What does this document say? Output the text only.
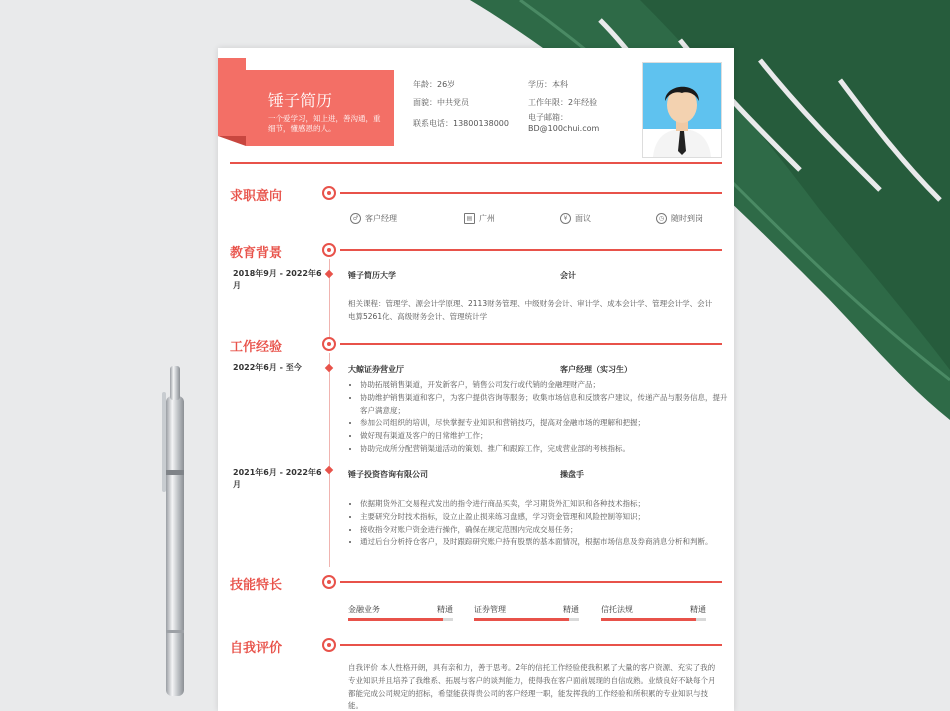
锤子简历
一个爱学习，知上进，善沟通，重细节，懂感恩的人。
年龄：26岁	学历：本科
面貌：中共党员	工作年限：2年经验
联系电话：13800138000
电子邮箱：
BD@100chui.com
求职意向
♂ 客户经理	▤ 广州	¥ 面议	◷ 随时到岗
教育背景
2018年9月 - 2022年6月
锤子简历大学	会计
相关课程：管理学、源会计学原理、2113财务管理、中级财务会计、审计学、成本会计学、管理会计学、会计电算5261化、高级财务会计、管理统计学
工作经验
2022年6月 - 至今	大鲸证券营业厅	客户经理（实习生）
• 协助拓展销售渠道，开发新客户，销售公司发行或代销的金融理财产品；
• 协助维护销售渠道和客户，为客户提供咨询等服务；收集市场信息和反馈客户建议，传递产品与服务信息，提升客户满意度；
• 参加公司组织的培训，尽快掌握专业知识和营销技巧，提高对金融市场的理解和把握；
• 做好现有渠道及客户的日常维护工作；
• 协助完成所分配营销渠道活动的策划、推广和跟踪工作，完成营业部的考核指标。
2021年6月 - 2022年6月
锤子投资咨询有限公司	操盘手
• 依据期货外汇交易程式发出的指令进行商品买卖，学习期货外汇知识和各种技术指标；
• 主要研究分时技术指标，设立止盈止损来练习盘感，学习资金管理和风险控制等知识；
• 接收指令对账户资金进行操作，确保在规定范围内完成交易任务；
• 通过后台分析持仓客户，及时跟踪研究账户持有股票的基本面情况，根据市场信息及券商消息分析和判断。
技能特长
金融业务	精通	证券管理	精通	信托法规	精通
自我评价
自我评价 本人性格开朗，具有亲和力，善于思考。2年的信托工作经验使我积累了大量的客户资源、充实了我的专业知识并且培养了我维系、拓展与客户的谈判能力，使得我在客户面前展现的自信成熟。业绩良好不缺每个月都能完成公司规定的招标，希望能获得贵公司的客户经理一职，能发挥我的工作经验和所积累的专业知识与技能。
